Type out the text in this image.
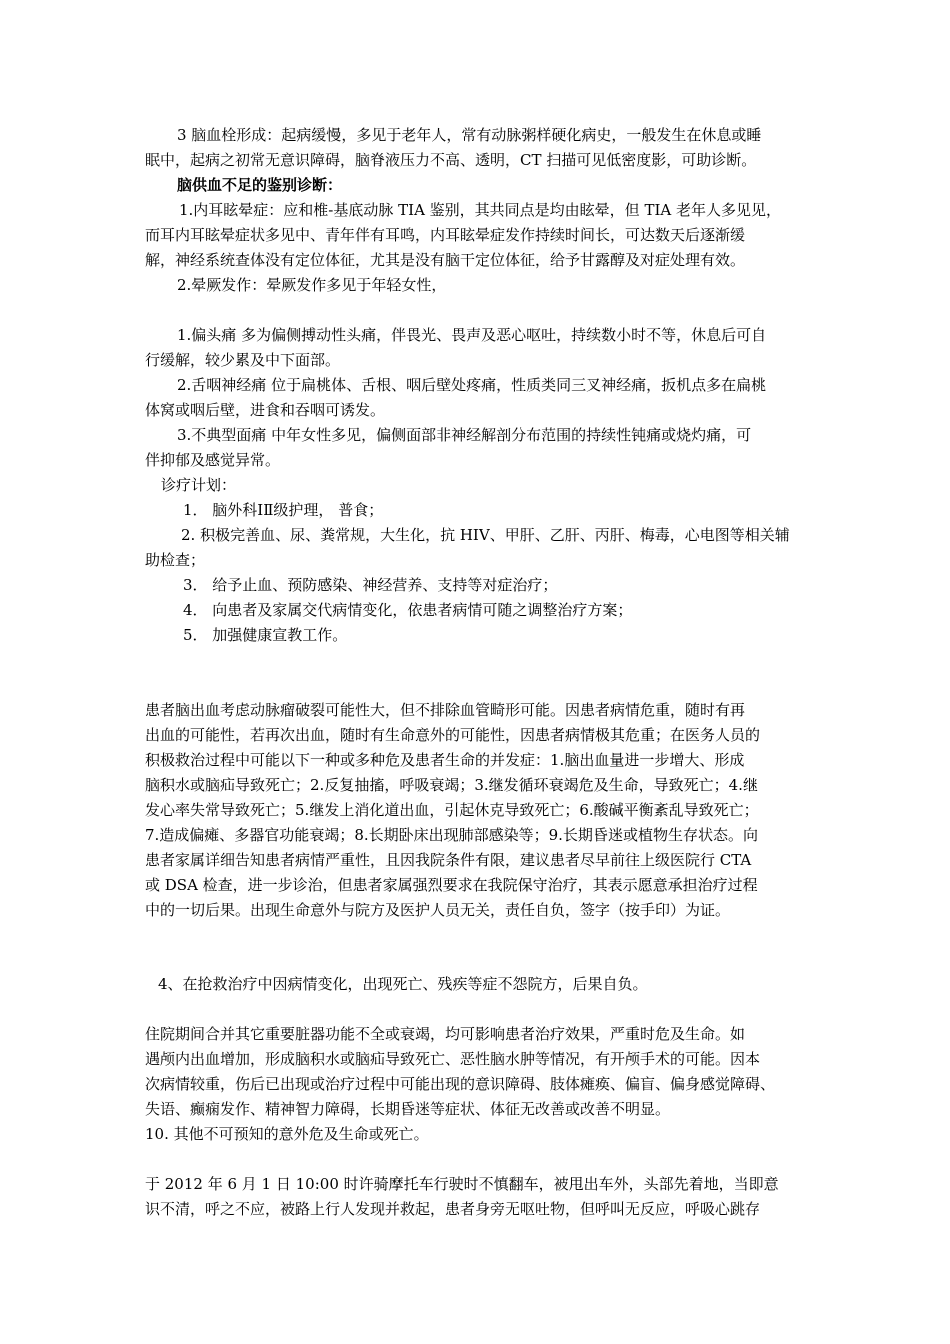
3 脑血栓形成：起病缓慢，多见于老年人，常有动脉粥样硬化病史，一般发生在休息或睡
眠中，起病之初常无意识障碍，脑脊液压力不高、透明，CT 扫描可见低密度影，可助诊断。

脑供血不足的鉴别诊断：

1.内耳眩晕症：应和椎-基底动脉 TIA 鉴别，其共同点是均由眩晕，但 TIA 老年人多见见，
而耳内耳眩晕症状多见中、青年伴有耳鸣，内耳眩晕症发作持续时间长，可达数天后逐渐缓
解，神经系统查体没有定位体征，尤其是没有脑干定位体征，给予甘露醇及对症处理有效。

2.晕厥发作：晕厥发作多见于年轻女性，

1.偏头痛 多为偏侧搏动性头痛，伴畏光、畏声及恶心呕吐，持续数小时不等，休息后可自
行缓解，较少累及中下面部。

2.舌咽神经痛 位于扁桃体、舌根、咽后壁处疼痛，性质类同三叉神经痛，扳机点多在扁桃
体窝或咽后壁，进食和吞咽可诱发。

3.不典型面痛 中年女性多见，偏侧面部非神经解剖分布范围的持续性钝痛或烧灼痛，可
伴抑郁及感觉异常。

诊疗计划：

1． 脑外科ⅠⅡ级护理， 普食；

2. 积极完善血、尿、粪常规，大生化，抗 HIV、甲肝、乙肝、丙肝、梅毒，心电图等相关辅
助检查；

3． 给予止血、预防感染、神经营养、支持等对症治疗；

4． 向患者及家属交代病情变化，依患者病情可随之调整治疗方案；

5． 加强健康宣教工作。

患者脑出血考虑动脉瘤破裂可能性大，但不排除血管畸形可能。因患者病情危重，随时有再
出血的可能性，若再次出血，随时有生命意外的可能性，因患者病情极其危重；在医务人员的
积极救治过程中可能以下一种或多种危及患者生命的并发症：1.脑出血量进一步增大、形成
脑积水或脑疝导致死亡；2.反复抽搐，呼吸衰竭；3.继发循环衰竭危及生命，导致死亡；4.继
发心率失常导致死亡；5.继发上消化道出血，引起休克导致死亡；6.酸碱平衡紊乱导致死亡；
7.造成偏瘫、多器官功能衰竭；8.长期卧床出现肺部感染等；9.长期昏迷或植物生存状态。向
患者家属详细告知患者病情严重性，且因我院条件有限，建议患者尽早前往上级医院行 CTA
或 DSA 检查，进一步诊治，但患者家属强烈要求在我院保守治疗，其表示愿意承担治疗过程
中的一切后果。出现生命意外与院方及医护人员无关，责任自负，签字（按手印）为证。

4、在抢救治疗中因病情变化，出现死亡、残疾等症不怨院方，后果自负。

住院期间合并其它重要脏器功能不全或衰竭，均可影响患者治疗效果，严重时危及生命。如
遇颅内出血增加，形成脑积水或脑疝导致死亡、恶性脑水肿等情况，有开颅手术的可能。因本
次病情较重，伤后已出现或治疗过程中可能出现的意识障碍、肢体瘫痪、偏盲、偏身感觉障碍、
失语、癫痫发作、精神智力障碍，长期昏迷等症状、体征无改善或改善不明显。
10. 其他不可预知的意外危及生命或死亡。

于 2012 年 6 月 1 日 10:00 时许骑摩托车行驶时不慎翻车，被甩出车外，头部先着地，当即意
识不清，呼之不应，被路上行人发现并救起，患者身旁无呕吐物，但呼叫无反应，呼吸心跳存
